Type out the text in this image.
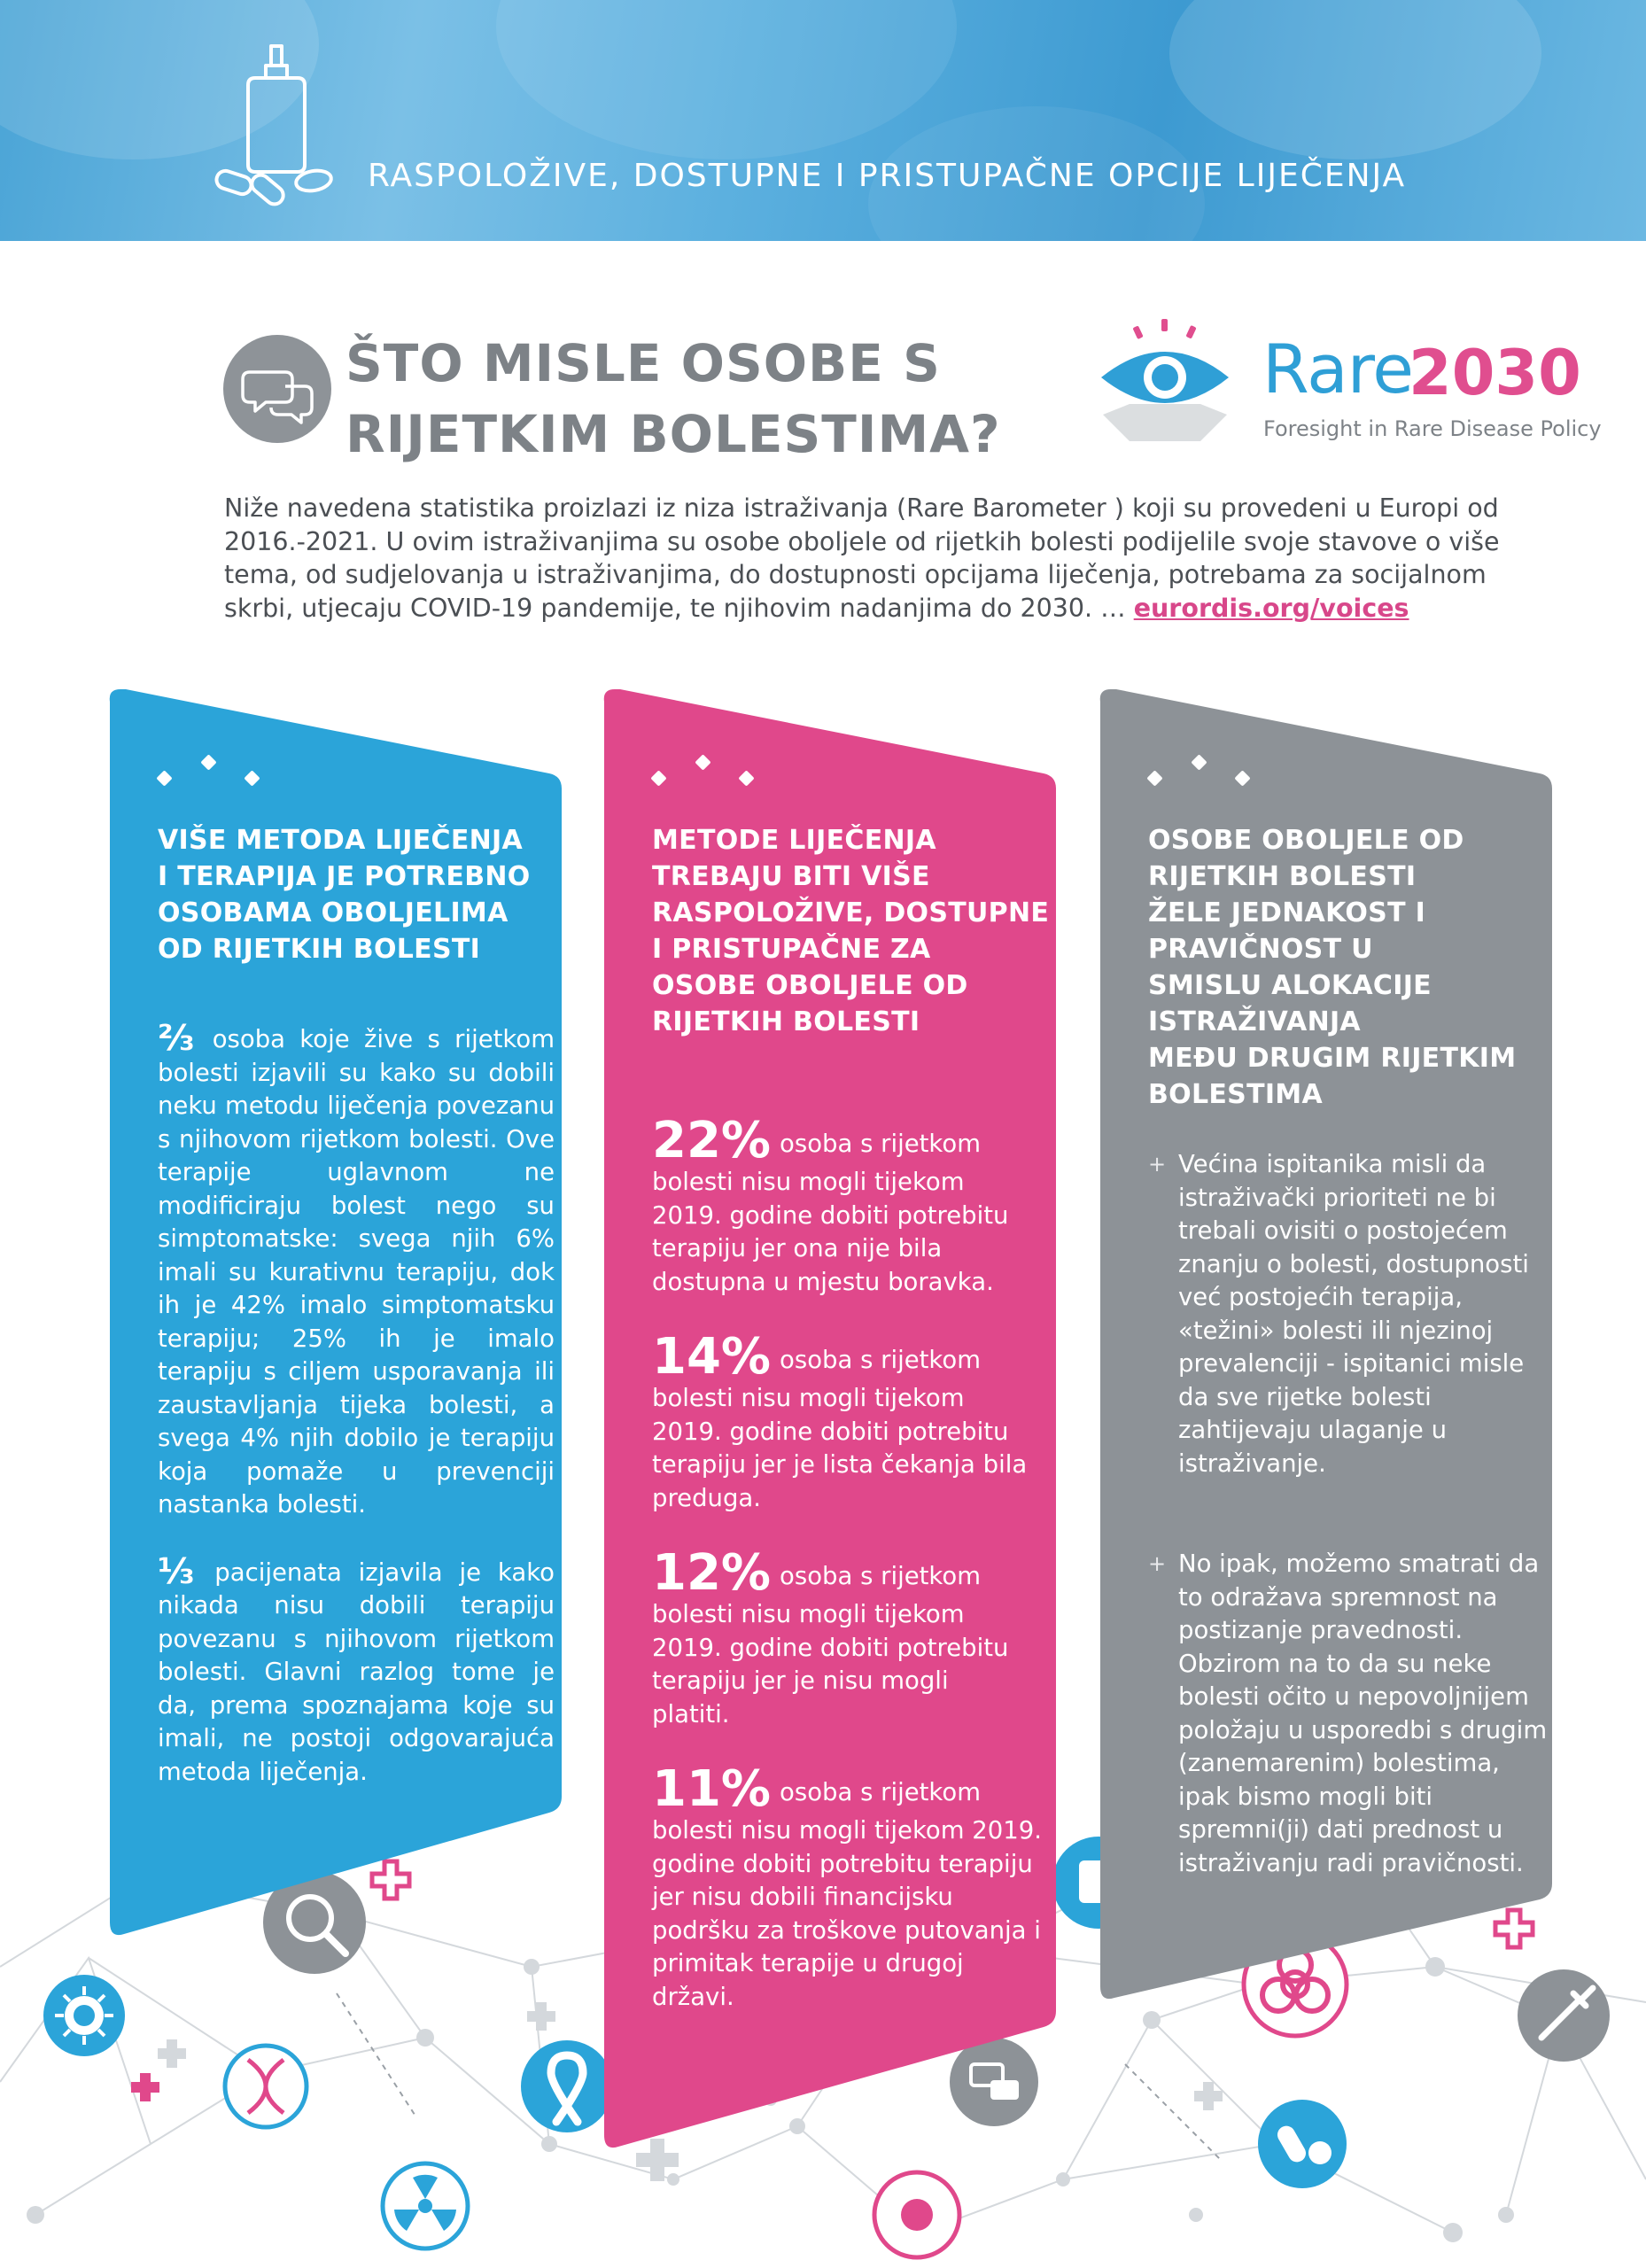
RASPOLOŽIVE, DOSTUPNE I PRISTUPAČNE OPCIJE LIJEČENJA
ŠTO MISLE OSOBE S
RIJETKIM BOLESTIMA?
Rare
2030
Foresight in Rare Disease Policy
Niže navedena statistika proizlazi iz niza istraživanja (Rare Barometer ) koji su provedeni u Europi od 2016.-2021. U ovim istraživanjima su osobe oboljele od rijetkih bolesti podijelile svoje stavove o više tema, od sudjelovanja u istraživanjima, do dostupnosti opcijama liječenja, potrebama za socijalnom skrbi, utjecaju COVID-19 pandemije, te njihovim nadanjima do 2030. … eurordis.org/voices
VIŠE METODA LIJEČENJA
I TERAPIJA JE POTREBNO
OSOBAMA OBOLJELIMA
OD RIJETKIH BOLESTI
⅔ osoba koje žive s rijetkom bolesti izjavili su kako su dobili neku metodu liječenja povezanu s njihovom rijetkom bolesti. Ove terapije uglavnom ne modificiraju bolest nego su simptomatske: svega njih 6% imali su kurativnu terapiju, dok ih je 42% imalo simptomatsku terapiju; 25% ih je imalo terapiju s ciljem usporavanja ili zaustavljanja tijeka bolesti, a svega 4% njih dobilo je terapiju koja pomaže u prevenciji nastanka bolesti.
⅓ pacijenata izjavila je kako nikada nisu dobili terapiju povezanu s njihovom rijetkom bolesti. Glavni razlog tome je da, prema spoznajama koje su imali, ne postoji odgovarajuća metoda liječenja.
METODE LIJEČENJA
TREBAJU BITI VIŠE
RASPOLOŽIVE, DOSTUPNE
I PRISTUPAČNE ZA
OSOBE OBOLJELE OD
RIJETKIH BOLESTI
22% osoba s rijetkom
bolesti nisu mogli tijekom 2019. godine dobiti potrebitu terapiju jer ona nije bila dostupna u mjestu boravka.
14% osoba s rijetkom
bolesti nisu mogli tijekom 2019. godine dobiti potrebitu terapiju jer je lista čekanja bila preduga.
12% osoba s rijetkom
bolesti nisu mogli tijekom 2019. godine dobiti potrebitu terapiju jer je nisu mogli platiti.
11% osoba s rijetkom
bolesti nisu mogli tijekom 2019. godine dobiti potrebitu terapiju jer nisu dobili financijsku podršku za troškove putovanja i primitak terapije u drugoj državi.
OSOBE OBOLJELE OD
RIJETKIH BOLESTI
ŽELE JEDNAKOST I
PRAVIČNOST U
SMISLU ALOKACIJE
ISTRAŽIVANJA
MEĐU DRUGIM RIJETKIM
BOLESTIMA
+ Većina ispitanika misli da istraživački prioriteti ne bi trebali ovisiti o postojećem znanju o bolesti, dostupnosti već postojećih terapija, «težini» bolesti ili njezinoj prevalenciji - ispitanici misle da sve rijetke bolesti zahtijevaju ulaganje u istraživanje.
+ No ipak, možemo smatrati da to odražava spremnost na postizanje pravednosti. Obzirom na to da su neke bolesti očito u nepovoljnijem položaju u usporedbi s drugim (zanemarenim) bolestima, ipak bismo mogli biti spremni(ji) dati prednost u istraživanju radi pravičnosti.
